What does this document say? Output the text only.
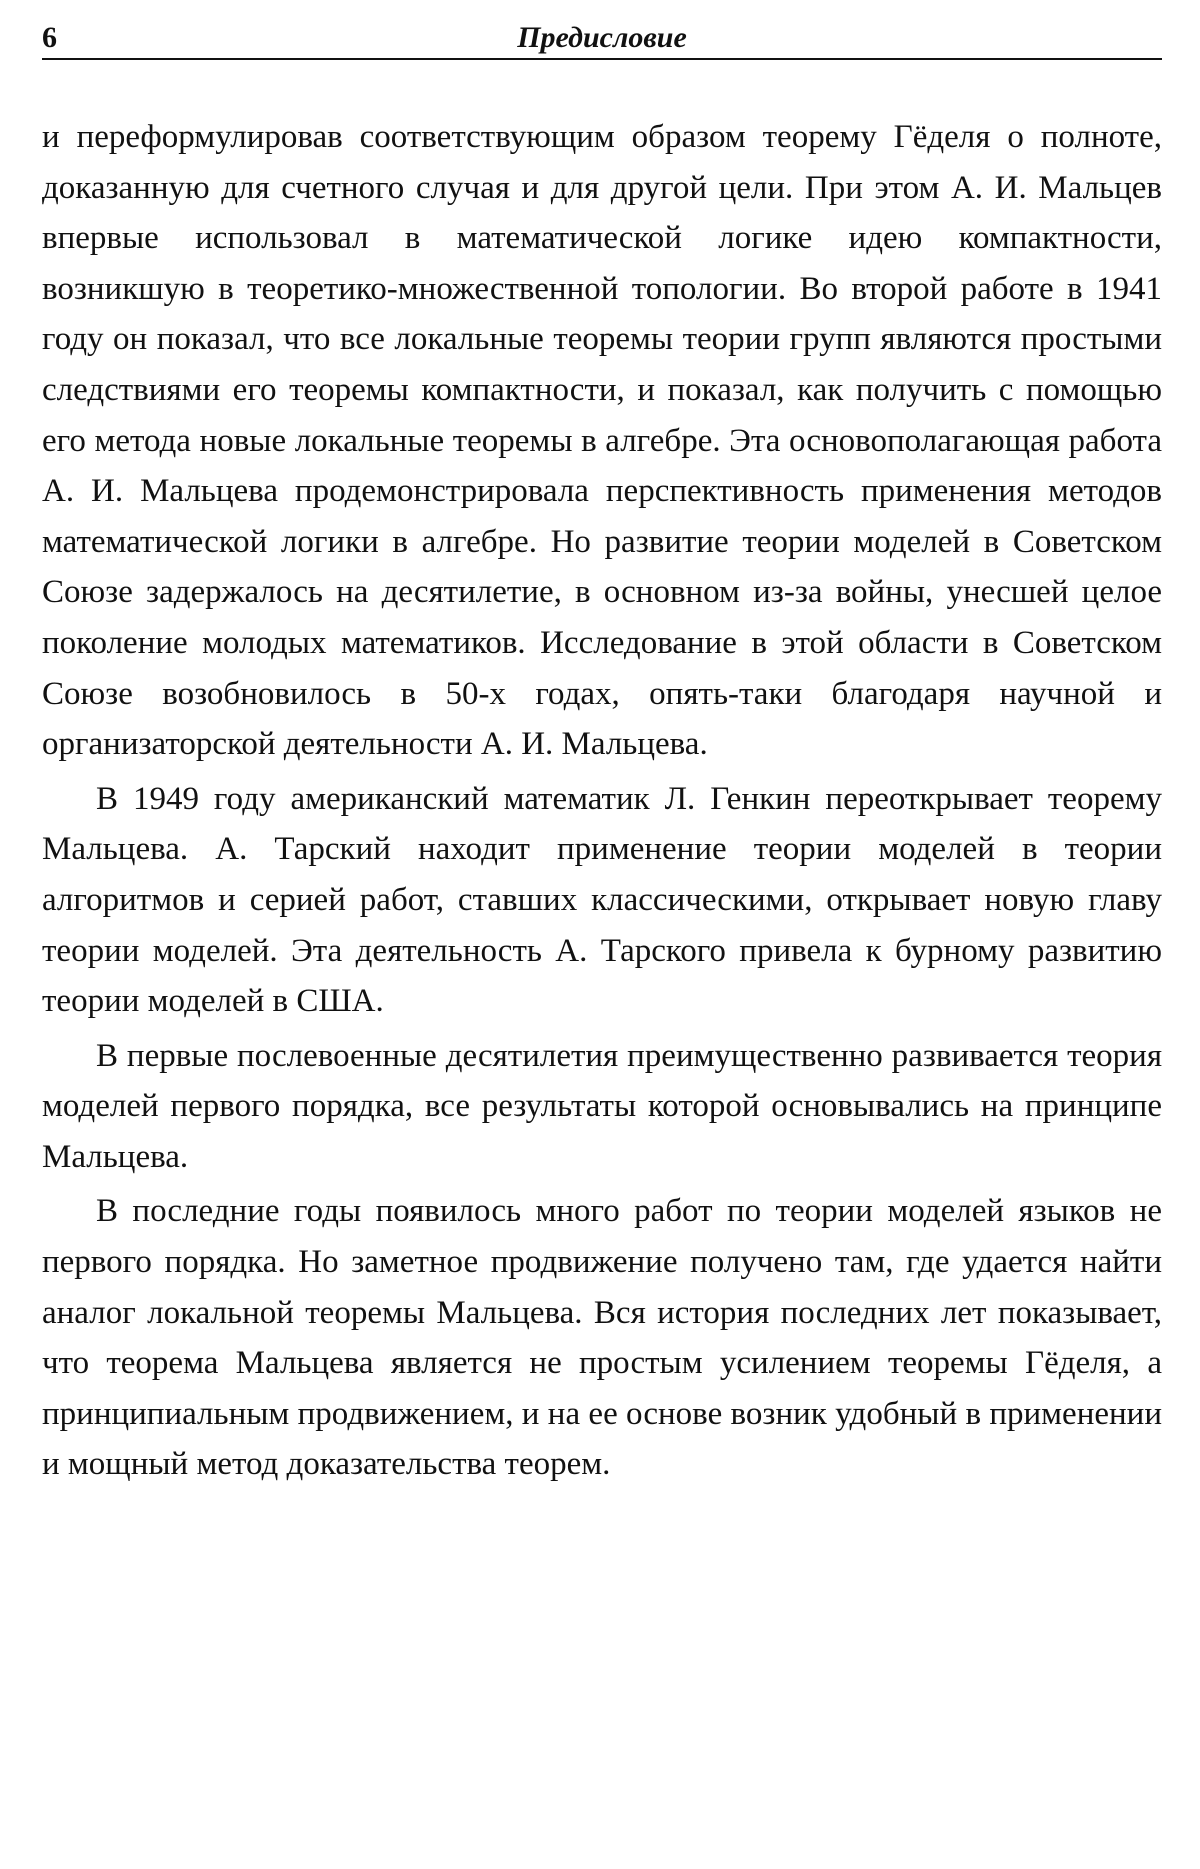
6	Предисловие

и переформулировав соответствующим образом теорему Гёделя о полноте, доказанную для счетного случая и для другой цели. При этом А. И. Мальцев впервые использовал в математической логике идею компактности, возникшую в теоретико-множественной топологии. Во второй работе в 1941 году он показал, что все локальные теоремы теории групп являются простыми следствиями его теоремы компактности, и показал, как получить с помощью его метода новые локальные теоремы в алгебре. Эта основополагающая работа А. И. Мальцева продемонстрировала перспективность применения методов математической логики в алгебре. Но развитие теории моделей в Советском Союзе задержалось на десятилетие, в основном из-за войны, унесшей целое поколение молодых математиков. Исследование в этой области в Советском Союзе возобновилось в 50-х годах, опять-таки благодаря научной и организаторской деятельности А. И. Мальцева.

В 1949 году американский математик Л. Генкин переоткрывает теорему Мальцева. А. Тарский находит применение теории моделей в теории алгоритмов и серией работ, ставших классическими, открывает новую главу теории моделей. Эта деятельность А. Тарского привела к бурному развитию теории моделей в США.

В первые послевоенные десятилетия преимущественно развивается теория моделей первого порядка, все результаты которой основывались на принципе Мальцева.

В последние годы появилось много работ по теории моделей языков не первого порядка. Но заметное продвижение получено там, где удается найти аналог локальной теоремы Мальцева. Вся история последних лет показывает, что теорема Мальцева является не простым усилением теоремы Гёделя, а принципиальным продвижением, и на ее основе возник удобный в применении и мощный метод доказательства теорем.
